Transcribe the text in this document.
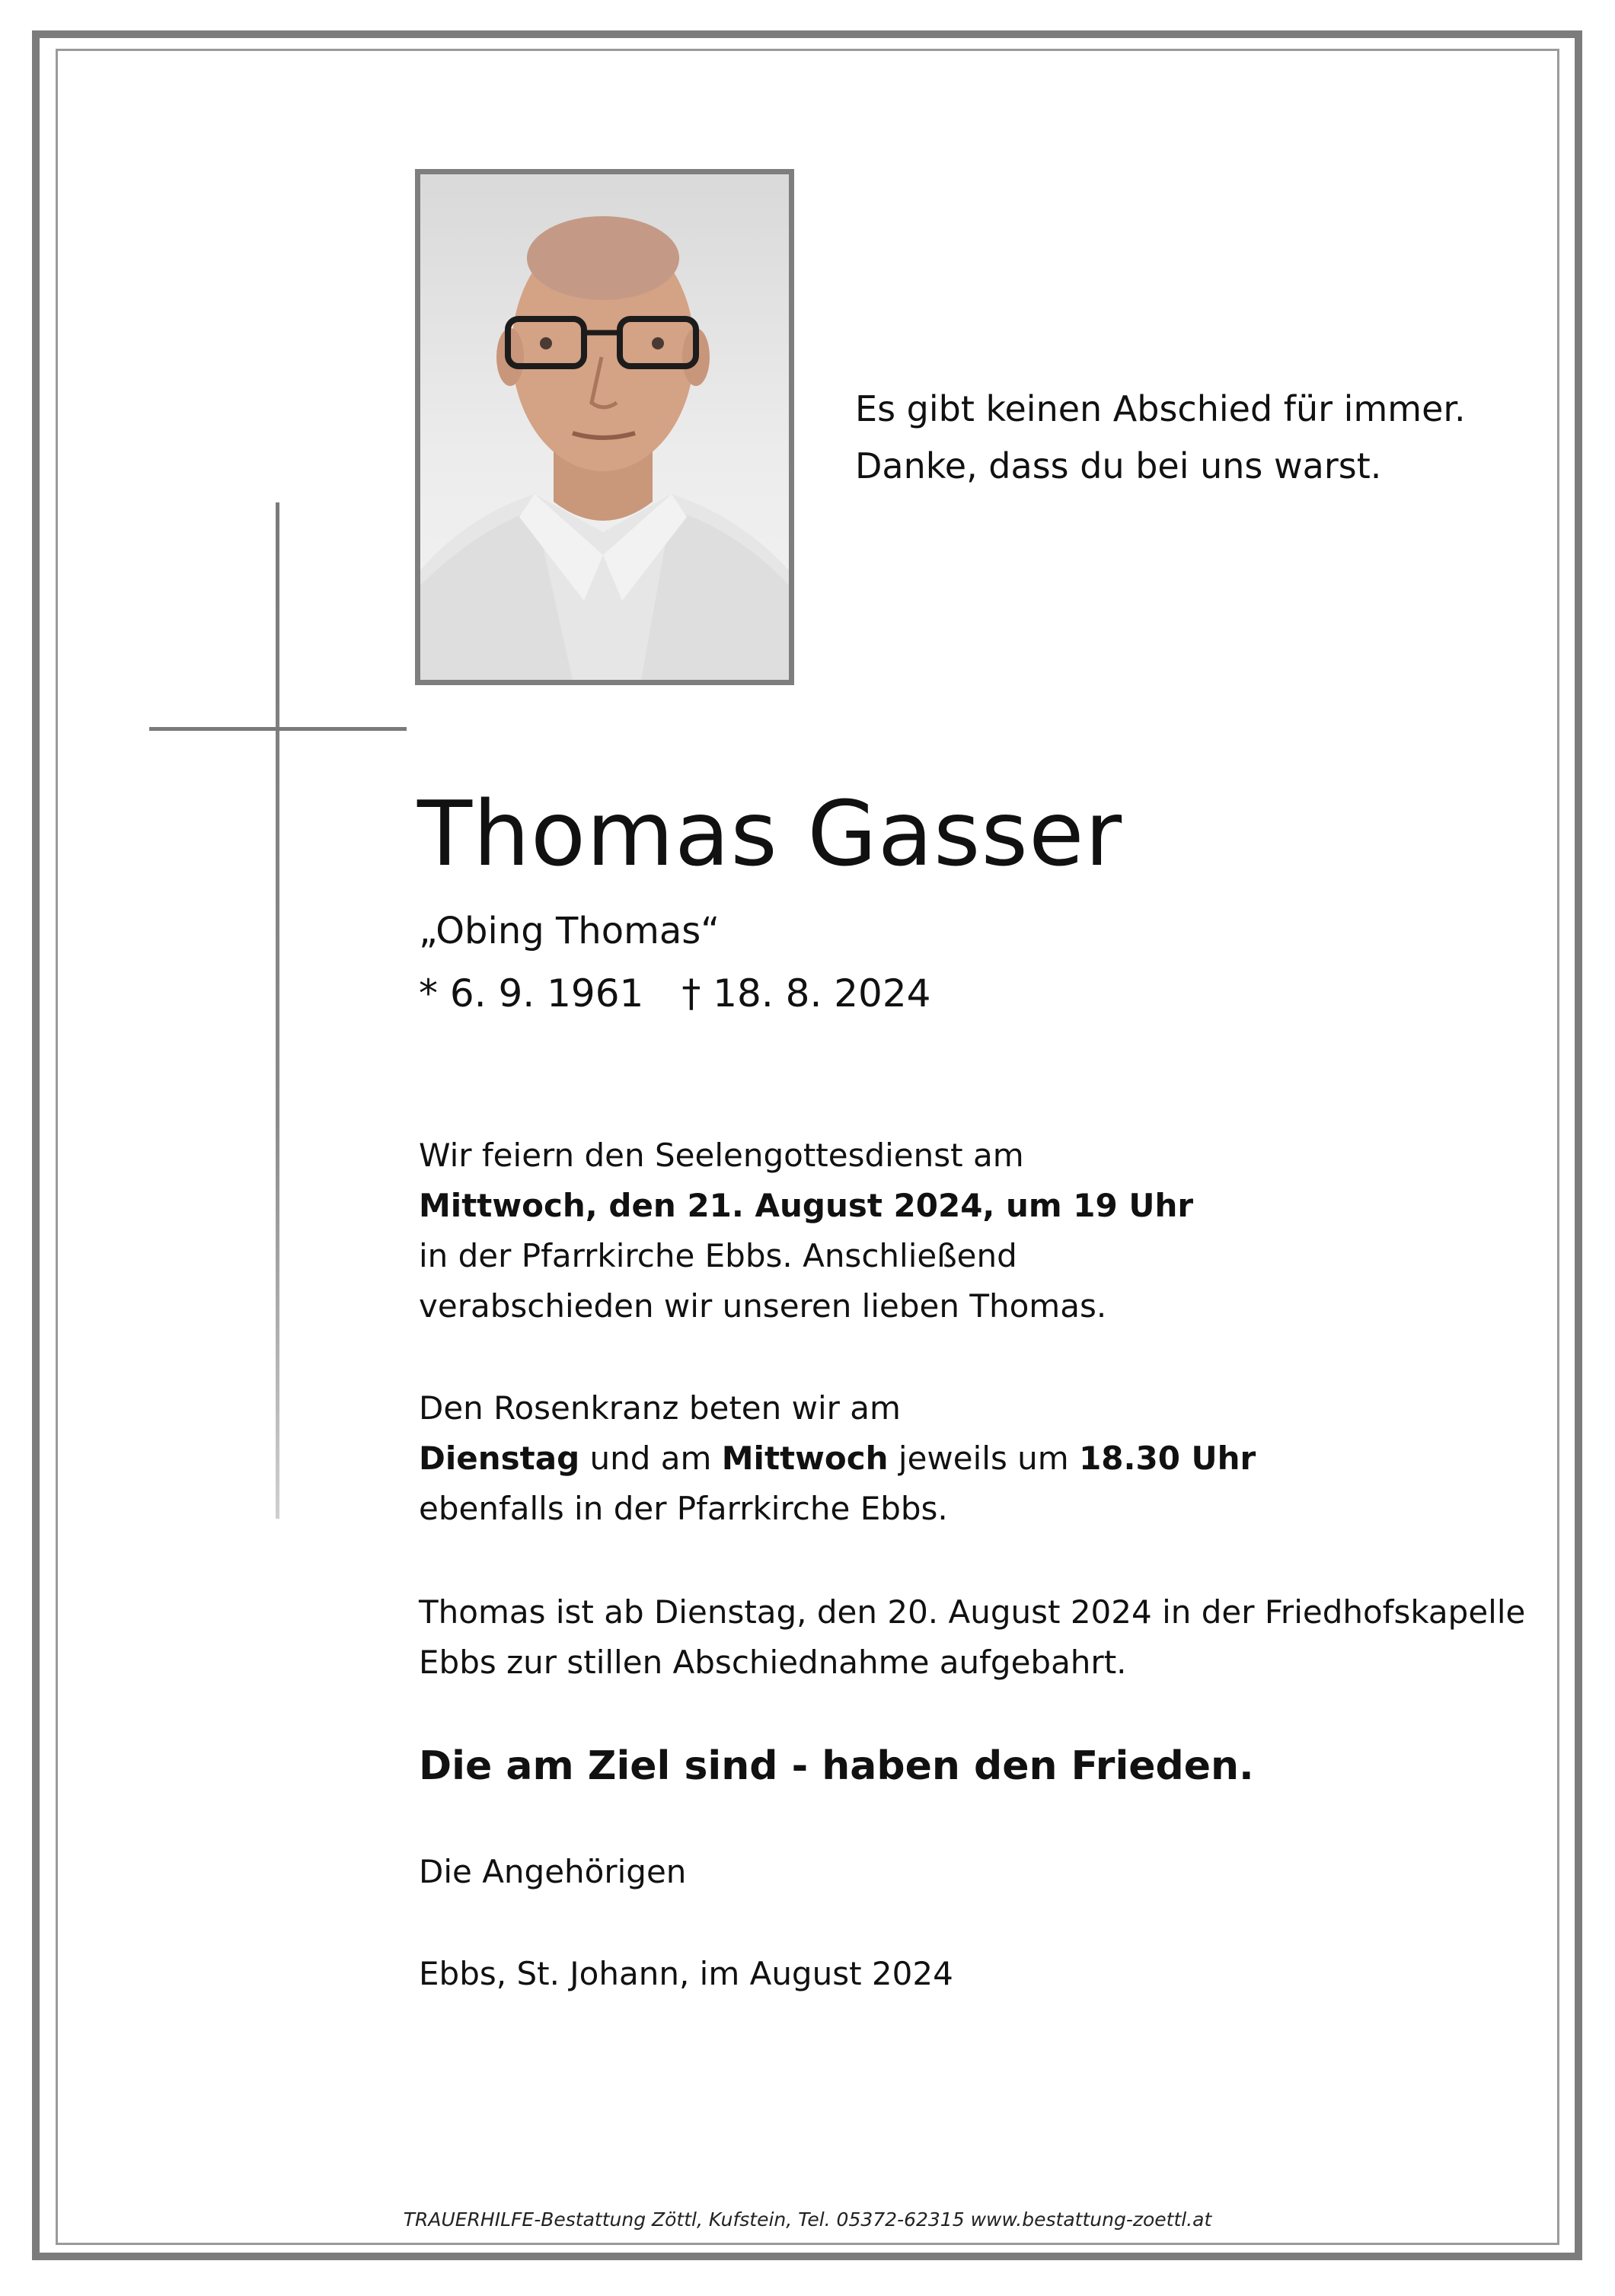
Es gibt keinen Abschied für immer.
Danke, dass du bei uns warst.
Thomas Gasser
„Obing Thomas“
* 6. 9. 1961 † 18. 8. 2024
Wir feiern den Seelengottesdienst am
Mittwoch, den 21. August 2024, um 19 Uhr
in der Pfarrkirche Ebbs. Anschließend
verabschieden wir unseren lieben Thomas.
Den Rosenkranz beten wir am
Dienstag und am Mittwoch jeweils um 18.30 Uhr
ebenfalls in der Pfarrkirche Ebbs.
Thomas ist ab Dienstag, den 20. August 2024 in der Friedhofskapelle
Ebbs zur stillen Abschiednahme aufgebahrt.
Die am Ziel sind - haben den Frieden.
Die Angehörigen
Ebbs, St. Johann, im August 2024
TRAUERHILFE-Bestattung Zöttl, Kufstein, Tel. 05372-62315 www.bestattung-zoettl.at
